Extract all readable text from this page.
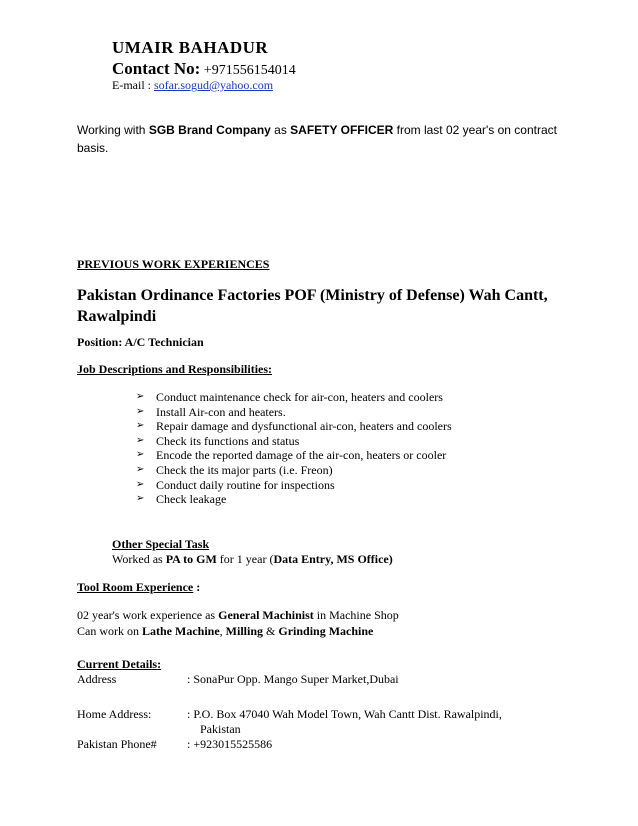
UMAIR BAHADUR
Contact No: +971556154014
E-mail : sofar.sogud@yahoo.com
Working with SGB Brand Company as SAFETY OFFICER from last 02 year's on contract basis.
PREVIOUS WORK EXPERIENCES
Pakistan Ordinance Factories POF (Ministry of Defense) Wah Cantt, Rawalpindi
Position: A/C Technician
Job Descriptions and Responsibilities:
➢ Conduct maintenance check for air-con, heaters and coolers
➢ Install Air-con and heaters.
➢ Repair damage and dysfunctional air-con, heaters and coolers
➢ Check its functions and status
➢ Encode the reported damage of the air-con, heaters or cooler
➢ Check the its major parts (i.e. Freon)
➢ Conduct daily routine for inspections
➢ Check leakage
Other Special Task
Worked as PA to GM for 1 year (Data Entry, MS Office)
Tool Room Experience :
02 year's work experience as General Machinist in Machine Shop
Can work on Lathe Machine, Milling & Grinding Machine
Current Details:
Address	: SonaPur Opp. Mango Super Market,Dubai
Home Address:	: P.O. Box 47040 Wah Model Town, Wah Cantt Dist. Rawalpindi,
Pakistan
Pakistan Phone#	: +923015525586
